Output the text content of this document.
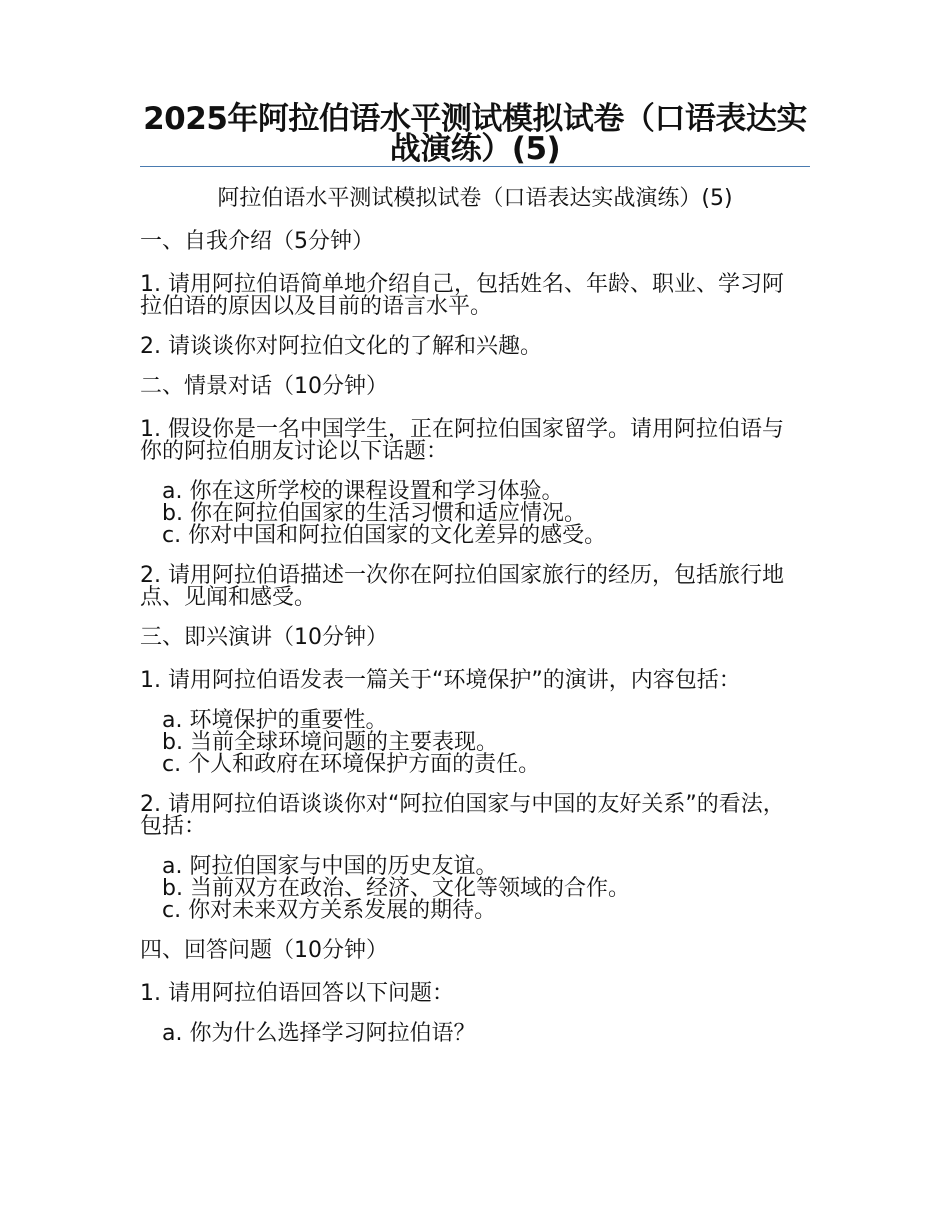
2025年阿拉伯语水平测试模拟试卷（口语表达实战演练）(5)

阿拉伯语水平测试模拟试卷（口语表达实战演练）(5)

一、自我介绍（5分钟）

1. 请用阿拉伯语简单地介绍自己，包括姓名、年龄、职业、学习阿拉伯语的原因以及目前的语言水平。

2. 请谈谈你对阿拉伯文化的了解和兴趣。

二、情景对话（10分钟）

1. 假设你是一名中国学生，正在阿拉伯国家留学。请用阿拉伯语与你的阿拉伯朋友讨论以下话题：

a. 你在这所学校的课程设置和学习体验。
b. 你在阿拉伯国家的生活习惯和适应情况。
c. 你对中国和阿拉伯国家的文化差异的感受。

2. 请用阿拉伯语描述一次你在阿拉伯国家旅行的经历，包括旅行地点、见闻和感受。

三、即兴演讲（10分钟）

1. 请用阿拉伯语发表一篇关于“环境保护”的演讲，内容包括：

a. 环境保护的重要性。
b. 当前全球环境问题的主要表现。
c. 个人和政府在环境保护方面的责任。

2. 请用阿拉伯语谈谈你对“阿拉伯国家与中国的友好关系”的看法，包括：

a. 阿拉伯国家与中国的历史友谊。
b. 当前双方在政治、经济、文化等领域的合作。
c. 你对未来双方关系发展的期待。

四、回答问题（10分钟）

1. 请用阿拉伯语回答以下问题：

a. 你为什么选择学习阿拉伯语？
